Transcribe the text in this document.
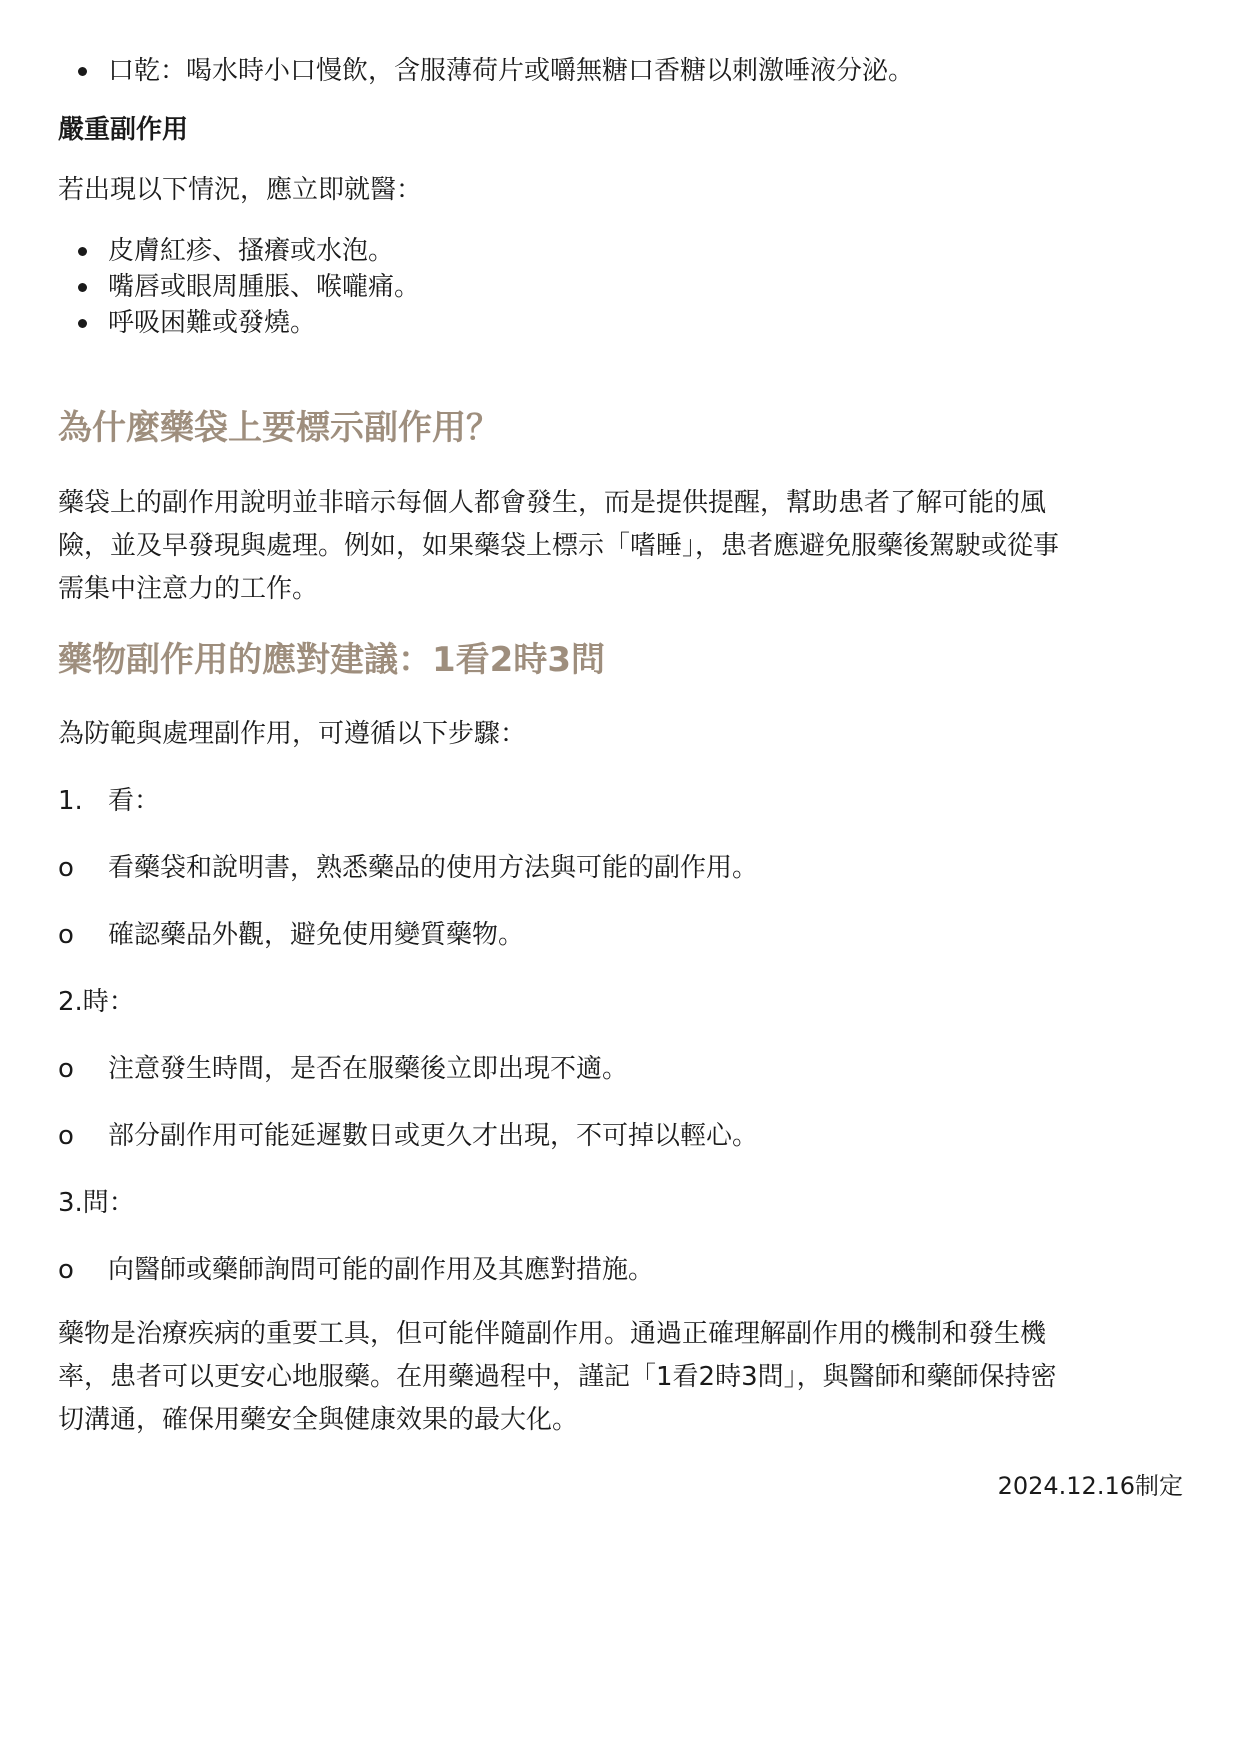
口乾：喝水時小口慢飲，含服薄荷片或嚼無糖口香糖以刺激唾液分泌。
嚴重副作用
若出現以下情況，應立即就醫：
皮膚紅疹、搔癢或水泡。
嘴唇或眼周腫脹、喉嚨痛。
呼吸困難或發燒。
為什麼藥袋上要標示副作用？
藥袋上的副作用說明並非暗示每個人都會發生，而是提供提醒，幫助患者了解可能的風
險，並及早發現與處理。例如，如果藥袋上標示「嗜睡」，患者應避免服藥後駕駛或從事
需集中注意力的工作。
藥物副作用的應對建議：1看2時3問
為防範與處理副作用，可遵循以下步驟：
1. 看：
o 看藥袋和說明書，熟悉藥品的使用方法與可能的副作用。
o 確認藥品外觀，避免使用變質藥物。
2.時：
o 注意發生時間，是否在服藥後立即出現不適。
o 部分副作用可能延遲數日或更久才出現，不可掉以輕心。
3.問：
o 向醫師或藥師詢問可能的副作用及其應對措施。
藥物是治療疾病的重要工具，但可能伴隨副作用。通過正確理解副作用的機制和發生機
率，患者可以更安心地服藥。在用藥過程中，謹記「1看2時3問」，與醫師和藥師保持密
切溝通，確保用藥安全與健康效果的最大化。
2024.12.16制定
